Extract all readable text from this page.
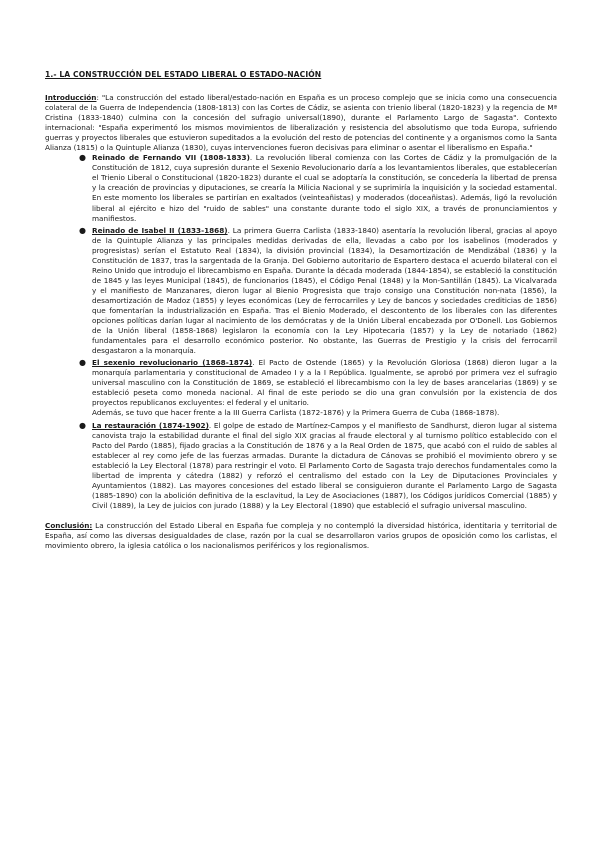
1.- LA CONSTRUCCIÓN DEL ESTADO LIBERAL O ESTADO-NACIÓN

Introducción: "La construcción del estado liberal/estado-nación en España es un proceso complejo que se inicia como una consecuencia colateral de la Guerra de Independencia (1808-1813) con las Cortes de Cádiz, se asienta con trienio liberal (1820-1823) y la regencia de Mª Cristina (1833-1840) culmina con la concesión del sufragio universal(1890), durante el Parlamento Largo de Sagasta". Contexto internacional: "España experimentó los mismos movimientos de liberalización y resistencia del absolutismo que toda Europa, sufriendo guerras y proyectos liberales que estuvieron supeditados a la evolución del resto de potencias del continente y a organismos como la Santa Alianza (1815) o la Quintuple Alianza (1830), cuyas intervenciones fueron decisivas para eliminar o asentar el liberalismo en España."

● Reinado de Fernando VII (1808-1833). La revolución liberal comienza con las Cortes de Cádiz y la promulgación de la Constitución de 1812, cuya supresión durante el Sexenio Revolucionario daría a los levantamientos liberales, que establecerían el Trienio Liberal o Constitucional (1820-1823) durante el cual se adoptaría la constitución, se concedería la libertad de prensa y la creación de provincias y diputaciones, se crearía la Milicia Nacional y se suprimiría la inquisición y la sociedad estamental. En este momento los liberales se partirían en exaltados (veinteañistas) y moderados (doceañistas). Además, ligó la revolución liberal al ejército e hizo del "ruido de sables" una constante durante todo el siglo XIX, a través de pronunciamientos y manifiestos.
● Reinado de Isabel II (1833-1868). La primera Guerra Carlista (1833-1840) asentaría la revolución liberal, gracias al apoyo de la Quintuple Alianza y las principales medidas derivadas de ella, llevadas a cabo por los isabelinos (moderados y progresistas) serían el Estatuto Real (1834), la división provincial (1834), la Desamortización de Mendizábal (1836) y la Constitución de 1837, tras la sargentada de la Granja. Del Gobierno autoritario de Espartero destaca el acuerdo bilateral con el Reino Unido que introdujo el librecambismo en España. Durante la década moderada (1844-1854), se estableció la constitución de 1845 y las leyes Municipal (1845), de funcionarios (1845), el Código Penal (1848) y la Mon-Santillán (1845). La Vicalvarada y el manifiesto de Manzanares, dieron lugar al Bienio Progresista que trajo consigo una Constitución non-nata (1856), la desamortización de Madoz (1855) y leyes económicas (Ley de ferrocarriles y Ley de bancos y sociedades crediticias de 1856) que fomentarían la industrialización en España. Tras el Bienio Moderado, el descontento de los liberales con las diferentes opciones políticas darían lugar al nacimiento de los demócratas y de la Unión Liberal encabezada por O'Donell. Los Gobiernos de la Unión liberal (1858-1868) legislaron la economía con la Ley Hipotecaria (1857) y la Ley de notariado (1862) fundamentales para el desarrollo económico posterior. No obstante, las Guerras de Prestigio y la crisis del ferrocarril desgastaron a la monarquía.
● El sexenio revolucionario (1868-1874). El Pacto de Ostende (1865) y la Revolución Gloriosa (1868) dieron lugar a la monarquía parlamentaria y constitucional de Amadeo I y a la I República. Igualmente, se aprobó por primera vez el sufragio universal masculino con la Constitución de 1869, se estableció el librecambismo con la ley de bases arancelarias (1869) y se estableció peseta como moneda nacional. Al final de este periodo se dio una gran convulsión por la existencia de dos proyectos republicanos excluyentes: el federal y el unitario.
Además, se tuvo que hacer frente a la III Guerra Carlista (1872-1876) y la Primera Guerra de Cuba (1868-1878).
● La restauración (1874-1902). El golpe de estado de Martínez-Campos y el manifiesto de Sandhurst, dieron lugar al sistema canovista trajo la estabilidad durante el final del siglo XIX gracias al fraude electoral y al turnismo político establecido con el Pacto del Pardo (1885), fijado gracias a la Constitución de 1876 y a la Real Orden de 1875, que acabó con el ruido de sables al establecer al rey como jefe de las fuerzas armadas. Durante la dictadura de Cánovas se prohibió el movimiento obrero y se estableció la Ley Electoral (1878) para restringir el voto. El Parlamento Corto de Sagasta trajo derechos fundamentales como la libertad de imprenta y cátedra (1882) y reforzó el centralismo del estado con la Ley de Diputaciones Provinciales y Ayuntamientos (1882). Las mayores concesiones del estado liberal se consiguieron durante el Parlamento Largo de Sagasta (1885-1890) con la abolición definitiva de la esclavitud, la Ley de Asociaciones (1887), los Códigos jurídicos Comercial (1885) y Civil (1889), la Ley de juicios con jurado (1888) y la Ley Electoral (1890) que estableció el sufragio universal masculino.

Conclusión: La construcción del Estado Liberal en España fue compleja y no contempló la diversidad histórica, identitaria y territorial de España, así como las diversas desigualdades de clase, razón por la cual se desarrollaron varios grupos de oposición como los carlistas, el movimiento obrero, la iglesia católica o los nacionalismos periféricos y los regionalismos.
